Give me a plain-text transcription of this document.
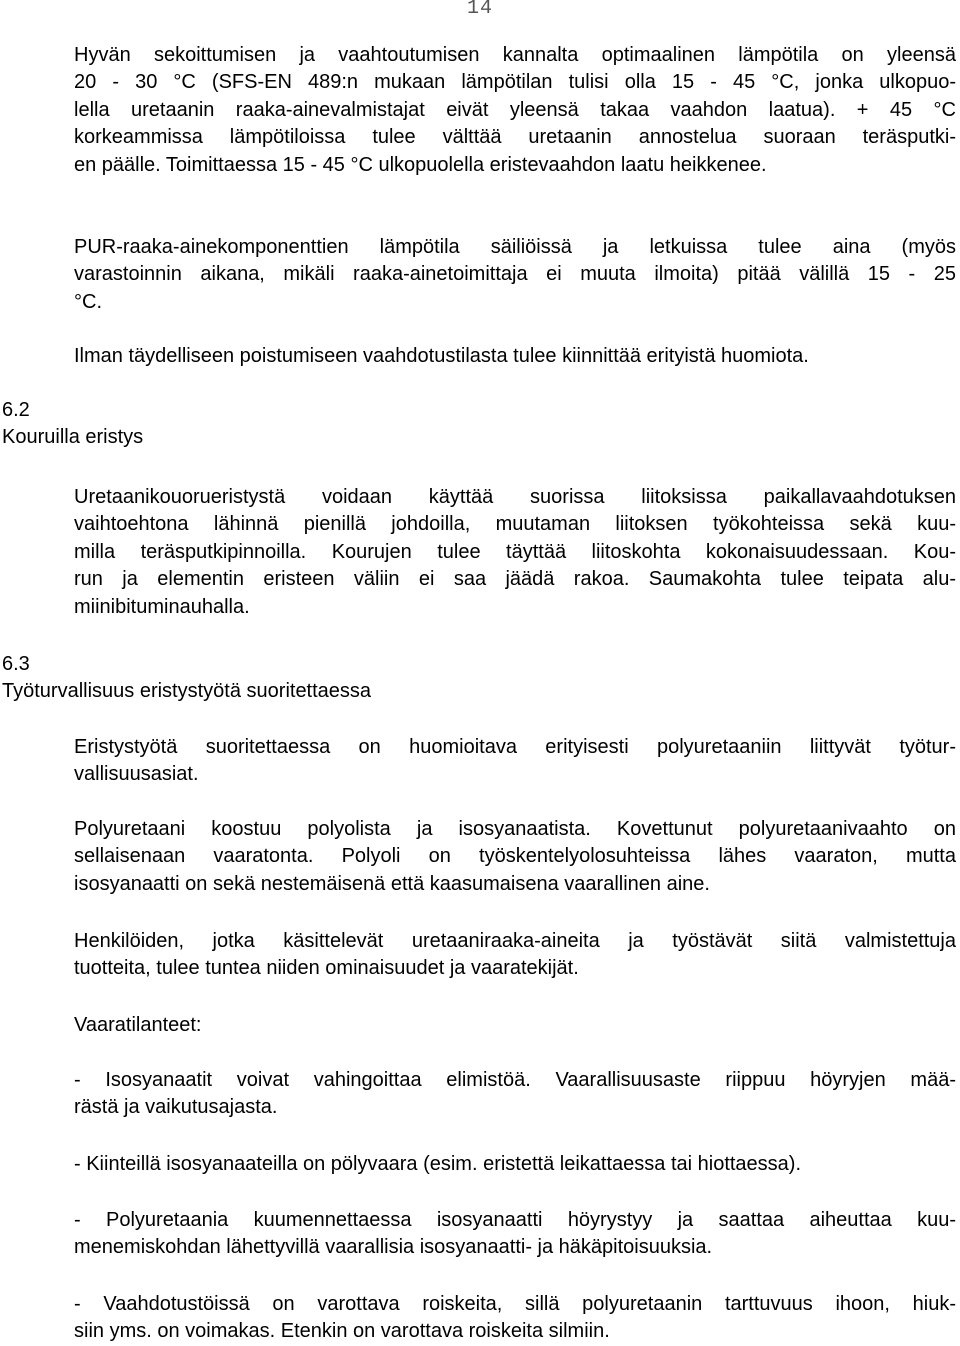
14
Hyvän sekoittumisen ja vaahtoutumisen kannalta optimaalinen lämpötila on yleensä
20 - 30 °C (SFS-EN 489:n mukaan lämpötilan tulisi olla 15 - 45 °C, jonka ulkopuo-
lella uretaanin raaka-ainevalmistajat eivät yleensä takaa vaahdon laatua). + 45 °C
korkeammissa lämpötiloissa tulee välttää uretaanin annostelua suoraan teräsputki-
en päälle. Toimittaessa 15 - 45 °C ulkopuolella eristevaahdon laatu heikkenee.
PUR-raaka-ainekomponenttien lämpötila säiliöissä ja letkuissa tulee aina (myös
varastoinnin aikana, mikäli raaka-ainetoimittaja ei muuta ilmoita) pitää välillä 15 - 25
°C.
Ilman täydelliseen poistumiseen vaahdotustilasta tulee kiinnittää erityistä huomiota.
6.2
Kouruilla eristys
Uretaanikouorueristystä voidaan käyttää suorissa liitoksissa paikallavaahdotuksen
vaihtoehtona lähinnä pienillä johdoilla, muutaman liitoksen työkohteissa sekä kuu-
milla teräsputkipinnoilla. Kourujen tulee täyttää liitoskohta kokonaisuudessaan. Kou-
run ja elementin eristeen väliin ei saa jäädä rakoa. Saumakohta tulee teipata alu-
miinibituminauhalla.
6.3
Työturvallisuus eristystyötä suoritettaessa
Eristystyötä suoritettaessa on huomioitava erityisesti polyuretaaniin liittyvät työtur-
vallisuusasiat.
Polyuretaani koostuu polyolista ja isosyanaatista. Kovettunut polyuretaanivaahto on
sellaisenaan vaaratonta. Polyoli on työskentelyolosuhteissa lähes vaaraton, mutta
isosyanaatti on sekä nestemäisenä että kaasumaisena vaarallinen aine.
Henkilöiden, jotka käsittelevät uretaaniraaka-aineita ja työstävät siitä valmistettuja
tuotteita, tulee tuntea niiden ominaisuudet ja vaaratekijät.
Vaaratilanteet:
- Isosyanaatit voivat vahingoittaa elimistöä. Vaarallisuusaste riippuu höyryjen mää-
rästä ja vaikutusajasta.
- Kiinteillä isosyanaateilla on pölyvaara (esim. eristettä leikattaessa tai hiottaessa).
- Polyuretaania kuumennettaessa isosyanaatti höyrystyy ja saattaa aiheuttaa kuu-
menemiskohdan lähettyvillä vaarallisia isosyanaatti- ja häkäpitoisuuksia.
- Vaahdotustöissä on varottava roiskeita, sillä polyuretaanin tarttuvuus ihoon, hiuk-
siin yms. on voimakas. Etenkin on varottava roiskeita silmiin.
